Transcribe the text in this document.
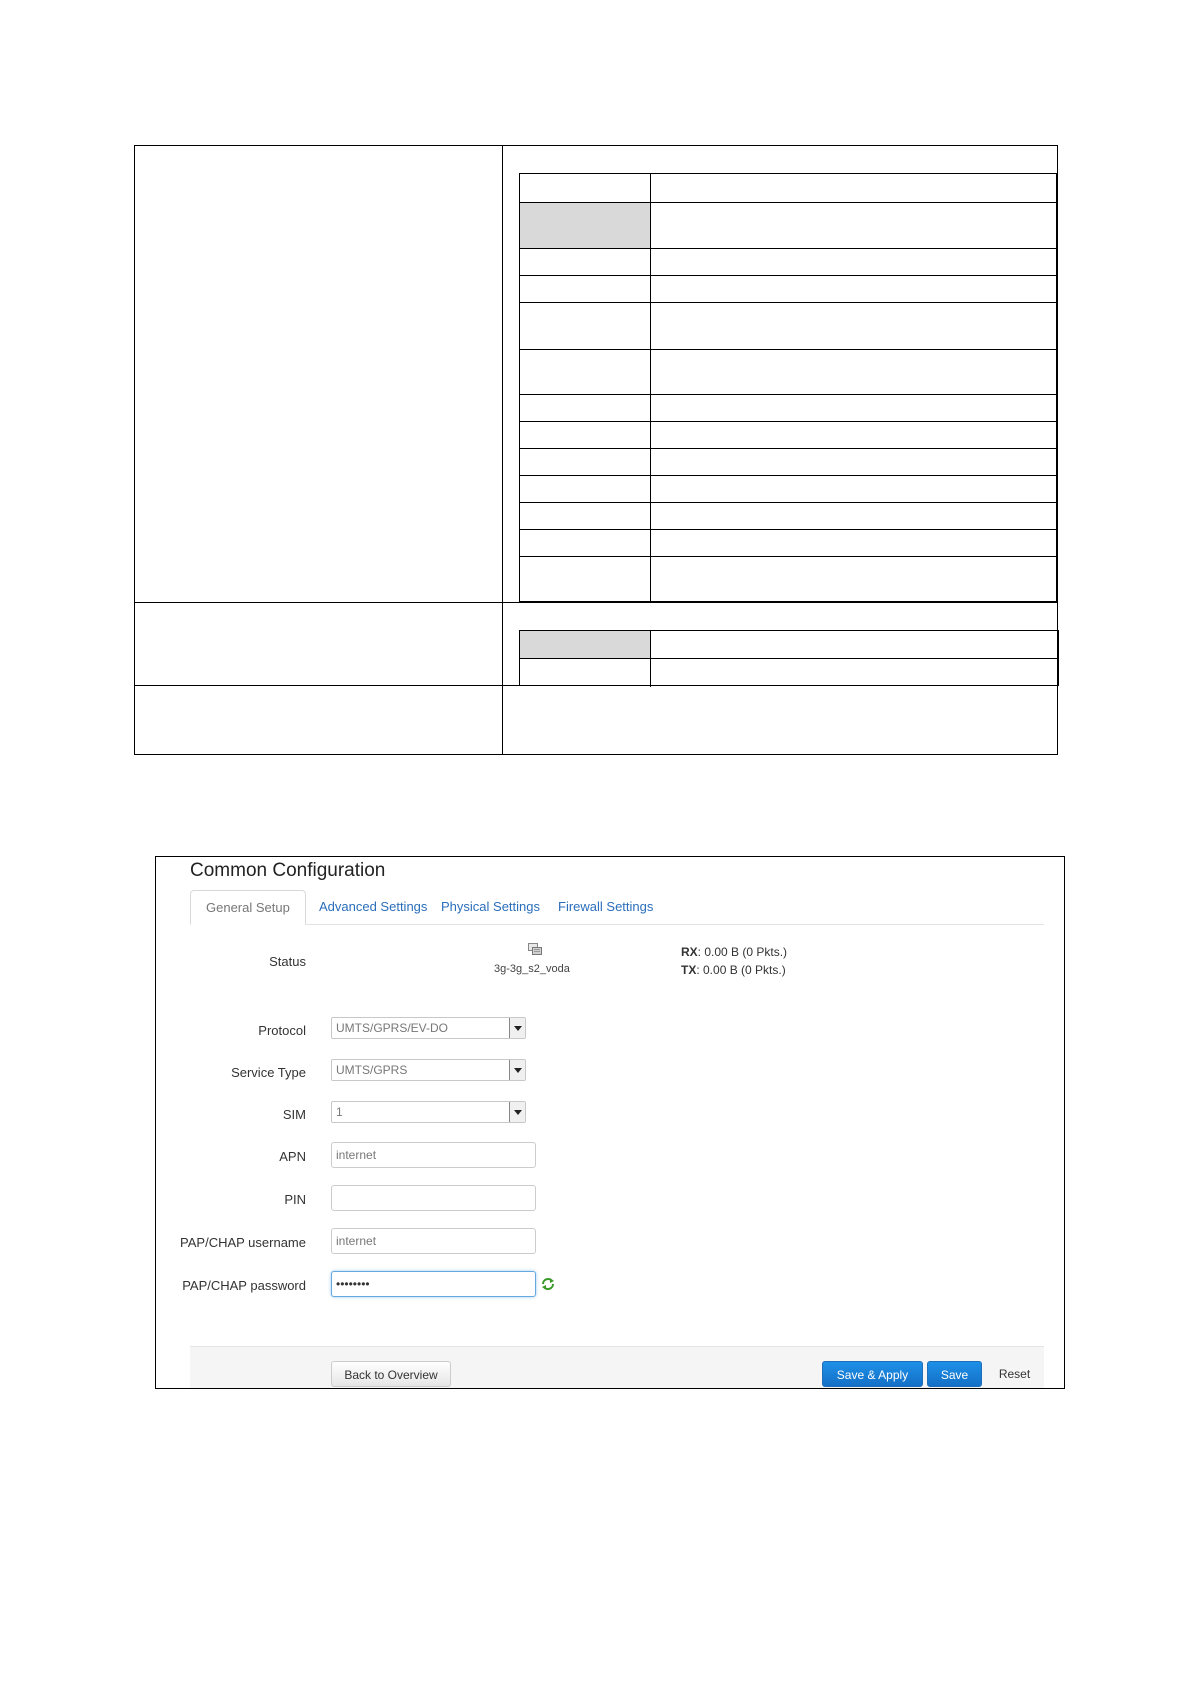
Common Configuration
General Setup	Advanced Settings	Physical Settings	Firewall Settings
Status	3g-3g_s2_voda
RX: 0.00 B (0 Pkts.)
TX: 0.00 B (0 Pkts.)
Protocol	UMTS/GPRS/EV-DO
Service Type	UMTS/GPRS
SIM	1
APN	internet
PIN
PAP/CHAP username	internet
PAP/CHAP password	••••••••
Back to Overview	Save & Apply	Save	Reset
